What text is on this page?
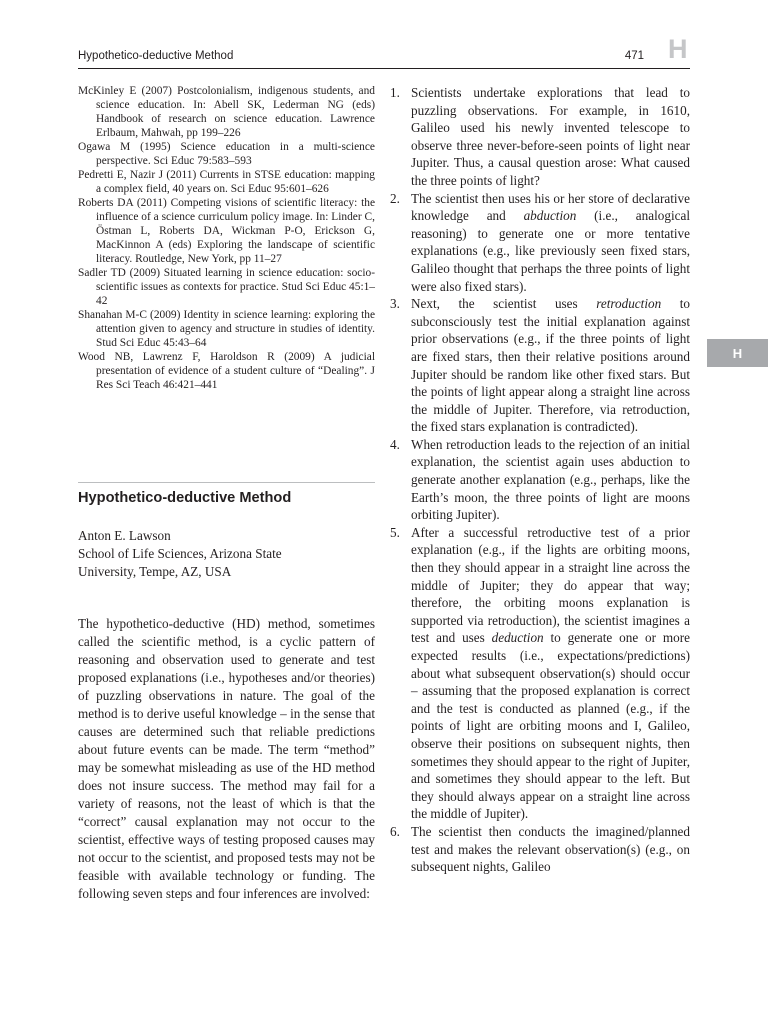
Hypothetico-deductive Method	471 H
H
McKinley E (2007) Postcolonialism, indigenous students, and science education. In: Abell SK, Lederman NG (eds) Handbook of research on science education. Lawrence Erlbaum, Mahwah, pp 199–226
Ogawa M (1995) Science education in a multi-science perspective. Sci Educ 79:583–593
Pedretti E, Nazir J (2011) Currents in STSE education: mapping a complex field, 40 years on. Sci Educ 95:601–626
Roberts DA (2011) Competing visions of scientific literacy: the influence of a science curriculum policy image. In: Linder C, Östman L, Roberts DA, Wickman P-O, Erickson G, MacKinnon A (eds) Exploring the landscape of scientific literacy. Routledge, New York, pp 11–27
Sadler TD (2009) Situated learning in science education: socio-scientific issues as contexts for practice. Stud Sci Educ 45:1–42
Shanahan M-C (2009) Identity in science learning: exploring the attention given to agency and structure in studies of identity. Stud Sci Educ 45:43–64
Wood NB, Lawrenz F, Haroldson R (2009) A judicial presentation of evidence of a student culture of “Dealing”. J Res Sci Teach 46:421–441
Hypothetico-deductive Method
Anton E. Lawson
School of Life Sciences, Arizona State
University, Tempe, AZ, USA

The hypothetico-deductive (HD) method, sometimes called the scientific method, is a cyclic pattern of reasoning and observation used to generate and test proposed explanations (i.e., hypotheses and/or theories) of puzzling observations in nature. The goal of the method is to derive useful knowledge – in the sense that causes are determined such that reliable predictions about future events can be made. The term “method” may be somewhat misleading as use of the HD method does not insure success. The method may fail for a variety of reasons, not the least of which is that the “correct” causal explanation may not occur to the scientist, effective ways of testing proposed causes may not occur to the scientist, and proposed tests may not be feasible with available technology or funding. The following seven steps and four inferences are involved:

1. Scientists undertake explorations that lead to puzzling observations. For example, in 1610, Galileo used his newly invented telescope to observe three never-before-seen points of light near Jupiter. Thus, a causal question arose: What caused the three points of light?
2. The scientist then uses his or her store of declarative knowledge and abduction (i.e., analogical reasoning) to generate one or more tentative explanations (e.g., like previously seen fixed stars, Galileo thought that perhaps the three points of light were also fixed stars).
3. Next, the scientist uses retroduction to subconsciously test the initial explanation against prior observations (e.g., if the three points of light are fixed stars, then their relative positions around Jupiter should be random like other fixed stars. But the points of light appear along a straight line across the middle of Jupiter. Therefore, via retroduction, the fixed stars explanation is contradicted).
4. When retroduction leads to the rejection of an initial explanation, the scientist again uses abduction to generate another explanation (e.g., perhaps, like the Earth’s moon, the three points of light are moons orbiting Jupiter).
5. After a successful retroductive test of a prior explanation (e.g., if the lights are orbiting moons, then they should appear in a straight line across the middle of Jupiter; they do appear that way; therefore, the orbiting moons explanation is supported via retroduction), the scientist imagines a test and uses deduction to generate one or more expected results (i.e., expectations/predictions) about what subsequent observation(s) should occur – assuming that the proposed explanation is correct and the test is conducted as planned (e.g., if the points of light are orbiting moons and I, Galileo, observe their positions on subsequent nights, then sometimes they should appear to the right of Jupiter, and sometimes they should appear to the left. But they should always appear on a straight line across the middle of Jupiter).
6. The scientist then conducts the imagined/planned test and makes the relevant observation(s) (e.g., on subsequent nights, Galileo
